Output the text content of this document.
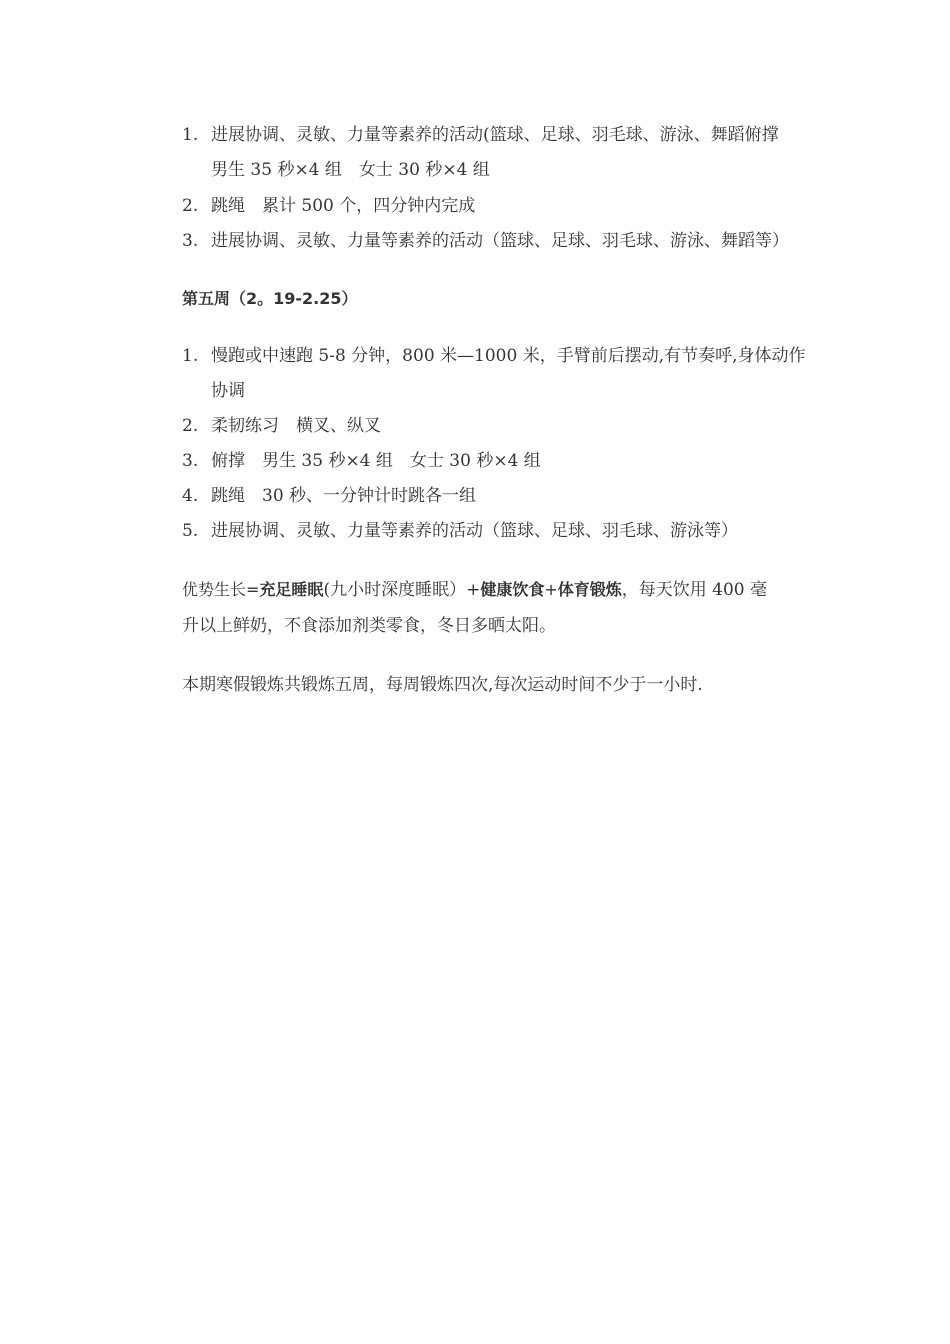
1. 进展协调、灵敏、力量等素养的活动(篮球、足球、羽毛球、游泳、舞蹈俯撑　男生 35 秒×4 组　女士 30 秒×4 组
2. 跳绳　累计 500 个，四分钟内完成
3. 进展协调、灵敏、力量等素养的活动（篮球、足球、羽毛球、游泳、舞蹈等）
第五周（2。19-2.25）
1. 慢跑或中速跑 5-8 分钟，800 米—1000 米，手臂前后摆动,有节奏呼,身体动作协调
2. 柔韧练习　横叉、纵叉
3. 俯撑　男生 35 秒×4 组　女士 30 秒×4 组
4. 跳绳　30 秒、一分钟计时跳各一组
5. 进展协调、灵敏、力量等素养的活动（篮球、足球、羽毛球、游泳等）

优势生长=充足睡眠(九小时深度睡眠）+健康饮食+体育锻炼，每天饮用 400 毫升以上鲜奶，不食添加剂类零食，冬日多晒太阳。

本期寒假锻炼共锻炼五周，每周锻炼四次,每次运动时间不少于一小时.
